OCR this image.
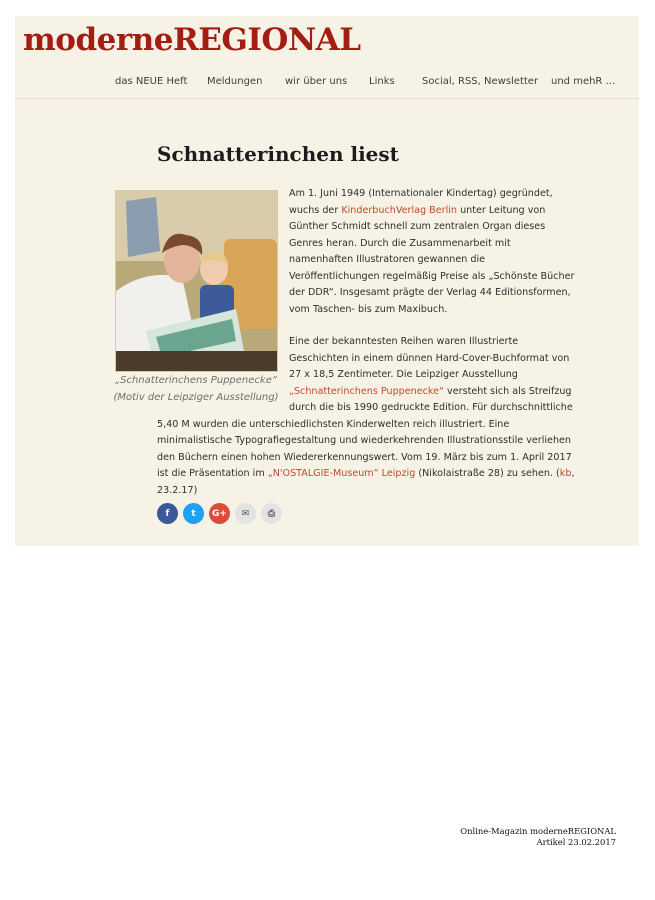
moderneREGIONAL
das NEUE Heft Meldungen wir über uns Links	Social, RSS, Newsletter und mehR …
Schnatterinchen liest
„Schnatterinchens Puppenecke“ (Motiv der Leipziger Ausstellung)

Am 1. Juni 1949 (Internationaler Kindertag) gegründet, wuchs der KinderbuchVerlag Berlin unter Leitung von Günther Schmidt schnell zum zentralen Organ dieses Genres heran. Durch die Zusammenarbeit mit namenhaften Illustratoren gewannen die Veröffentlichungen regelmäßig Preise als „Schönste Bücher der DDR“. Insgesamt prägte der Verlag 44 Editionsformen, vom Taschen- bis zum Maxibuch.

Eine der bekanntesten Reihen waren Illustrierte Geschichten in einem dünnen Hard-Cover-Buchformat von 27 x 18,5 Zentimeter. Die Leipziger Ausstellung „Schnatterinchens Puppenecke“ versteht sich als Streifzug durch die bis 1990 gedruckte Edition. Für durchschnittliche 5,40 M wurden die unterschiedlichsten Kinderwelten reich illustriert. Eine minimalistische Typografiegestaltung und wiederkehrenden Illustrationsstile verliehen den Büchern einen hohen Wiedererkennungswert. Vom 19. März bis zum 1. April 2017 ist die Präsentation im „N'OSTALGIE-Museum“ Leipzig (Nikolaistraße 28) zu sehen. (kb, 23.2.17)

f	t	G+	✉	⎙
Online-Magazin moderneREGIONAL
Artikel 23.02.2017
